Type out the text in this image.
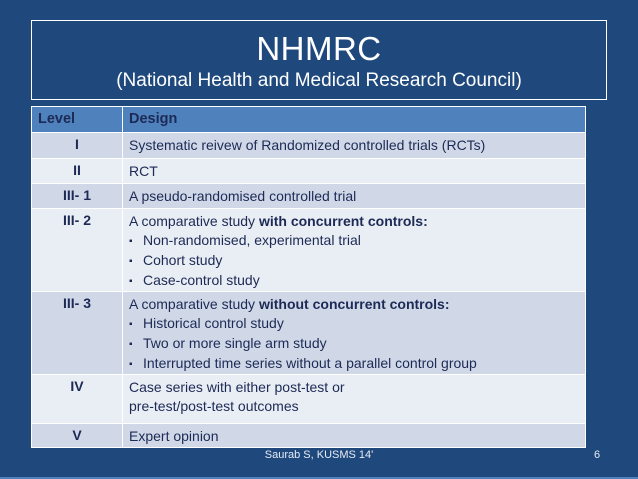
NHMRC
(National Health and Medical Research Council)
Level	Design
I	Systematic reivew of Randomized controlled trials (RCTs)
II	RCT
III- 1	A pseudo-randomised controlled trial
III- 2	A comparative study with concurrent controls:
▪ Non-randomised, experimental trial
▪ Cohort study
▪ Case-control study

III- 3	A comparative study without concurrent controls:
▪ Historical control study
▪ Two or more single arm study
▪ Interrupted time series without a parallel control group

IV	Case series with either post-test or
pre-test/post-test outcomes

V	Expert opinion
Saurab S, KUSMS 14'	6
